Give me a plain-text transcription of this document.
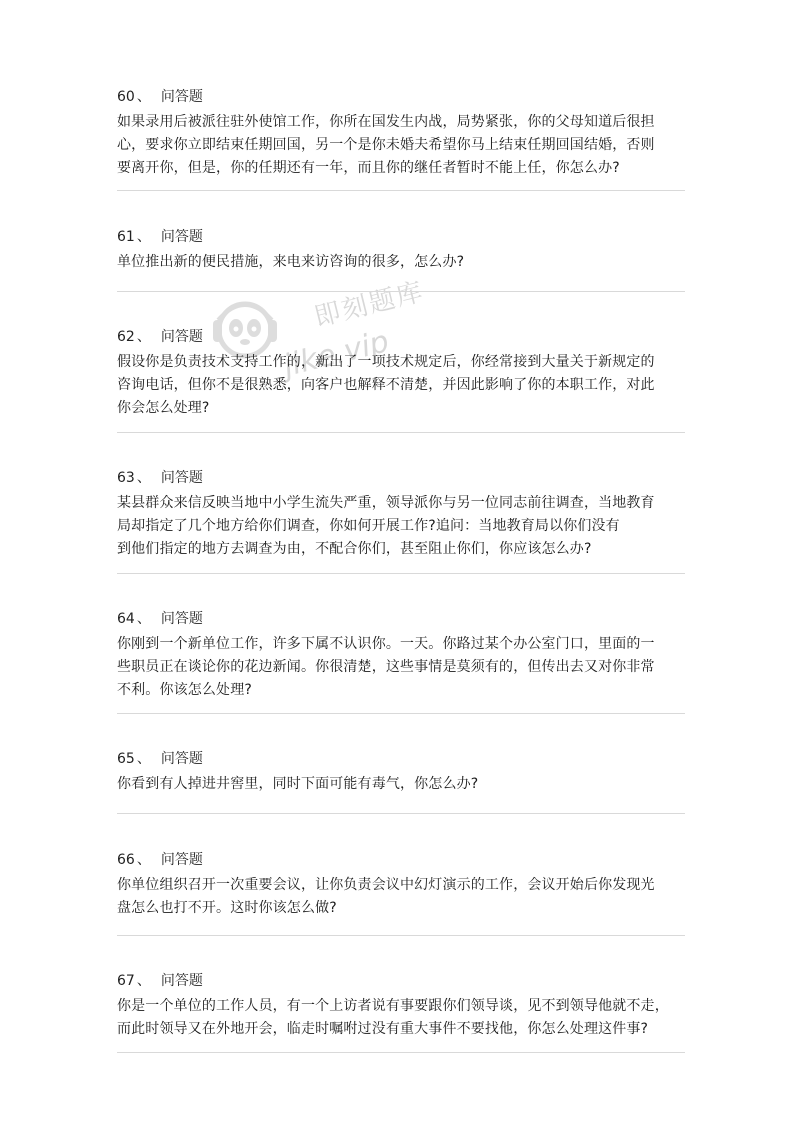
即刻题库
jike.vip
60 、 问答题
如果录用后被派往驻外使馆工作，你所在国发生内战，局势紧张，你的父母知道后很担
心，要求你立即结束任期回国，另一个是你未婚夫希望你马上结束任期回国结婚，否则
要离开你，但是，你的任期还有一年，而且你的继任者暂时不能上任，你怎么办?
61 、 问答题
单位推出新的便民措施，来电来访咨询的很多，怎么办?
62 、 问答题
假设你是负责技术支持工作的，新出了一项技术规定后，你经常接到大量关于新规定的
咨询电话，但你不是很熟悉，向客户也解释不清楚，并因此影响了你的本职工作，对此
你会怎么处理?
63 、 问答题
某县群众来信反映当地中小学生流失严重，领导派你与另一位同志前往调查，当地教育
局却指定了几个地方给你们调查，你如何开展工作?追问：当地教育局以你们没有
到他们指定的地方去调查为由，不配合你们，甚至阻止你们，你应该怎么办?
64 、 问答题
你刚到一个新单位工作，许多下属不认识你。一天。你路过某个办公室门口，里面的一
些职员正在谈论你的花边新闻。你很清楚，这些事情是莫须有的，但传出去又对你非常
不利。你该怎么处理?
65 、 问答题
你看到有人掉进井窖里，同时下面可能有毒气，你怎么办?
66 、 问答题
你单位组织召开一次重要会议，让你负责会议中幻灯演示的工作，会议开始后你发现光
盘怎么也打不开。这时你该怎么做?
67 、 问答题
你是一个单位的工作人员，有一个上访者说有事要跟你们领导谈，见不到领导他就不走，
而此时领导又在外地开会，临走时嘱咐过没有重大事件不要找他，你怎么处理这件事?
